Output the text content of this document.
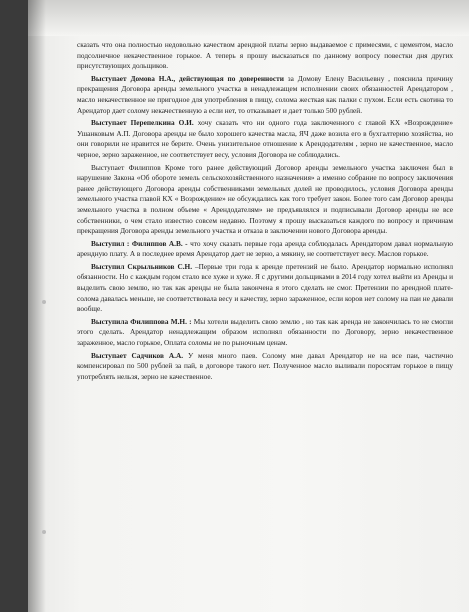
сказать что она полностью недовольно качеством арендной платы зерно выдаваемое с примесями, с цементом, масло подсолнечное некачественное горькое. А теперь я прошу высказаться по данному вопросу повестки дня других присутствующих дольщиков.

Выступает Домова Н.А., действующая по доверенности за Домову Елену Васильевну , пояснила причину прекращения Договора аренды земельного участка в ненадлежащем исполнении своих обязанностей Арендатором , масло некачественное не пригодное для употребления в пищу, солома жесткая как палки с пухом. Если есть скотина то Арендатор дает солому некачественную а если нет, то отказывает и дает только 500 рублей.

Выступает Перепелкина О.И. хочу сказать что ни одного года заключенного с главой КХ «Возрождение» Ушанковым А.П. Договора аренды не было хорошего качества масла, ЯЧ даже возила его в бухгалтерию хозяйства, но они говорили не нравится не берите. Очень унизительное отношение к Арендодателям , зерно не качественное, масло черное, зерно зараженное, не соответствует весу, условия Договора не соблюдались.

Выступает Филиппов Кроме того ранее действующий Договор аренды земельного участка заключен был в нарушение Закона «Об обороте земель сельскохозяйственного назначения» а именно собрание по вопросу заключения ранее действующего Договора аренды собственниками земельных долей не проводилось, условия Договора аренды земельного участка главой КХ « Возрождение» не обсуждались как того требует закон. Более того сам Договор аренды земельного участка в полном объеме « Арендодателям» не предъявлялся и подписывали Договор аренды не все собственники, о чем стало известно совсем недавно. Поэтому я прошу высказаться каждого по вопросу и причинам прекращения Договора аренды земельного участка и отказа в заключении нового Договора аренды.

Выступил : Филиппов А.В. - что хочу сказать первые года аренда соблюдалась Арендатором давал нормальную арендную плату. А в последнее время Арендатор дает не зерно, а мякину, не соответствует весу. Маслов горькое.

Выступил Скрыльников С.Н. –Первые три года к аренде претензий не было. Арендатор нормально исполнял обязанности. Но с каждым годом стало все хуже и хуже. Я с другими дольщиками в 2014 году хотел выйти из Аренды и выделить свою землю, но так как аренды не была закончена я этого сделать не смог. Претензии по арендной плате- солома давалась меньше, не соответствовала весу и качеству, зерно зараженное, если коров нет солому на паи не давали вообще.

Выступила Филиппова М.Н. : Мы хотели выделить свою землю , но так как аренда не закончилась то не смогли этого сделать. Арендатор ненадлежащим образом исполнял обязанности по Договору, зерно некачественное зараженное, масло горькое, Оплата соломы не по рыночным ценам.

Выступает Садчиков А.А. У меня много паев. Солому мне давал Арендатор не на все паи, частично компенсировал по 500 рублей за пай, в договоре такого нет. Полученное масло выливали поросятам горькое в пищу употреблять нельзя, зерно не качественное.
